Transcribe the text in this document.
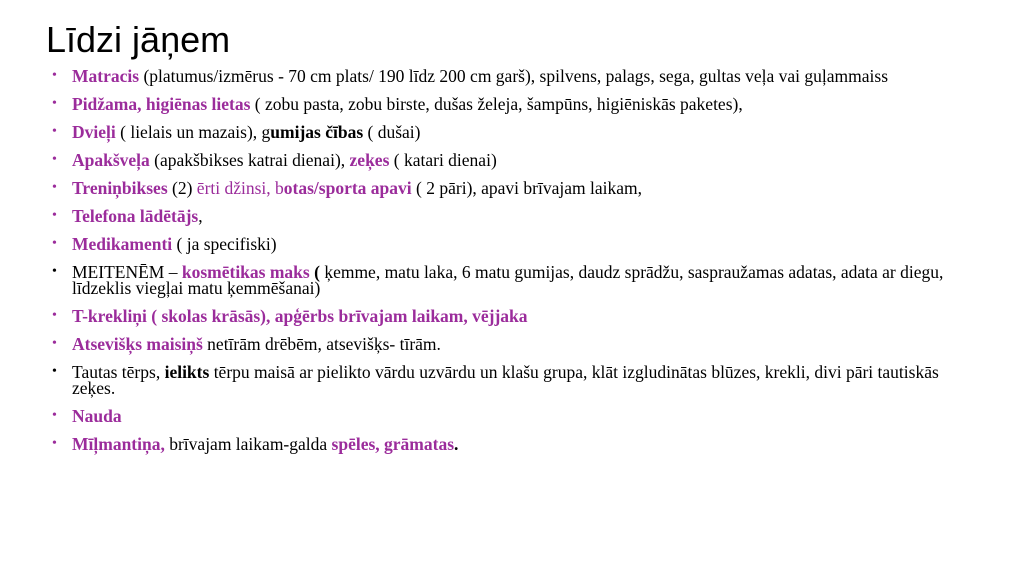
Līdzi jāņem
• Matracis (platumus/izmērus - 70 cm plats/ 190 līdz 200 cm garš), spilvens, palags, sega, gultas veļa vai guļammaiss
• Pidžama, higiēnas lietas ( zobu pasta, zobu birste, dušas želeja, šampūns, higiēniskās paketes),
• Dvieļi ( lielais un mazais), gumijas čības ( dušai)
• Apakšveļa (apakšbikses katrai dienai), zeķes ( katari dienai)
• Treniņbikses (2) ērti džinsi, botas/sporta apavi ( 2 pāri), apavi brīvajam laikam,
• Telefona lādētājs,
• Medikamenti ( ja specifiski)
• MEITENĒM – kosmētikas maks ( ķemme, matu laka, 6 matu gumijas, daudz sprādžu, saspraužamas adatas, adata ar diegu, līdzeklis viegļai matu ķemmēšanai)
• T-krekliņi ( skolas krāsās), apģērbs brīvajam laikam, vējjaka
• Atsevišķs maisiņš netīrām drēbēm, atsevišķs- tīrām.
• Tautas tērps, ielikts tērpu maisā ar pielikto vārdu uzvārdu un klašu grupa, klāt izgludinātas blūzes, krekli, divi pāri tautiskās zeķes.
• Nauda
• Mīļmantiņa, brīvajam laikam-galda spēles, grāmatas.
